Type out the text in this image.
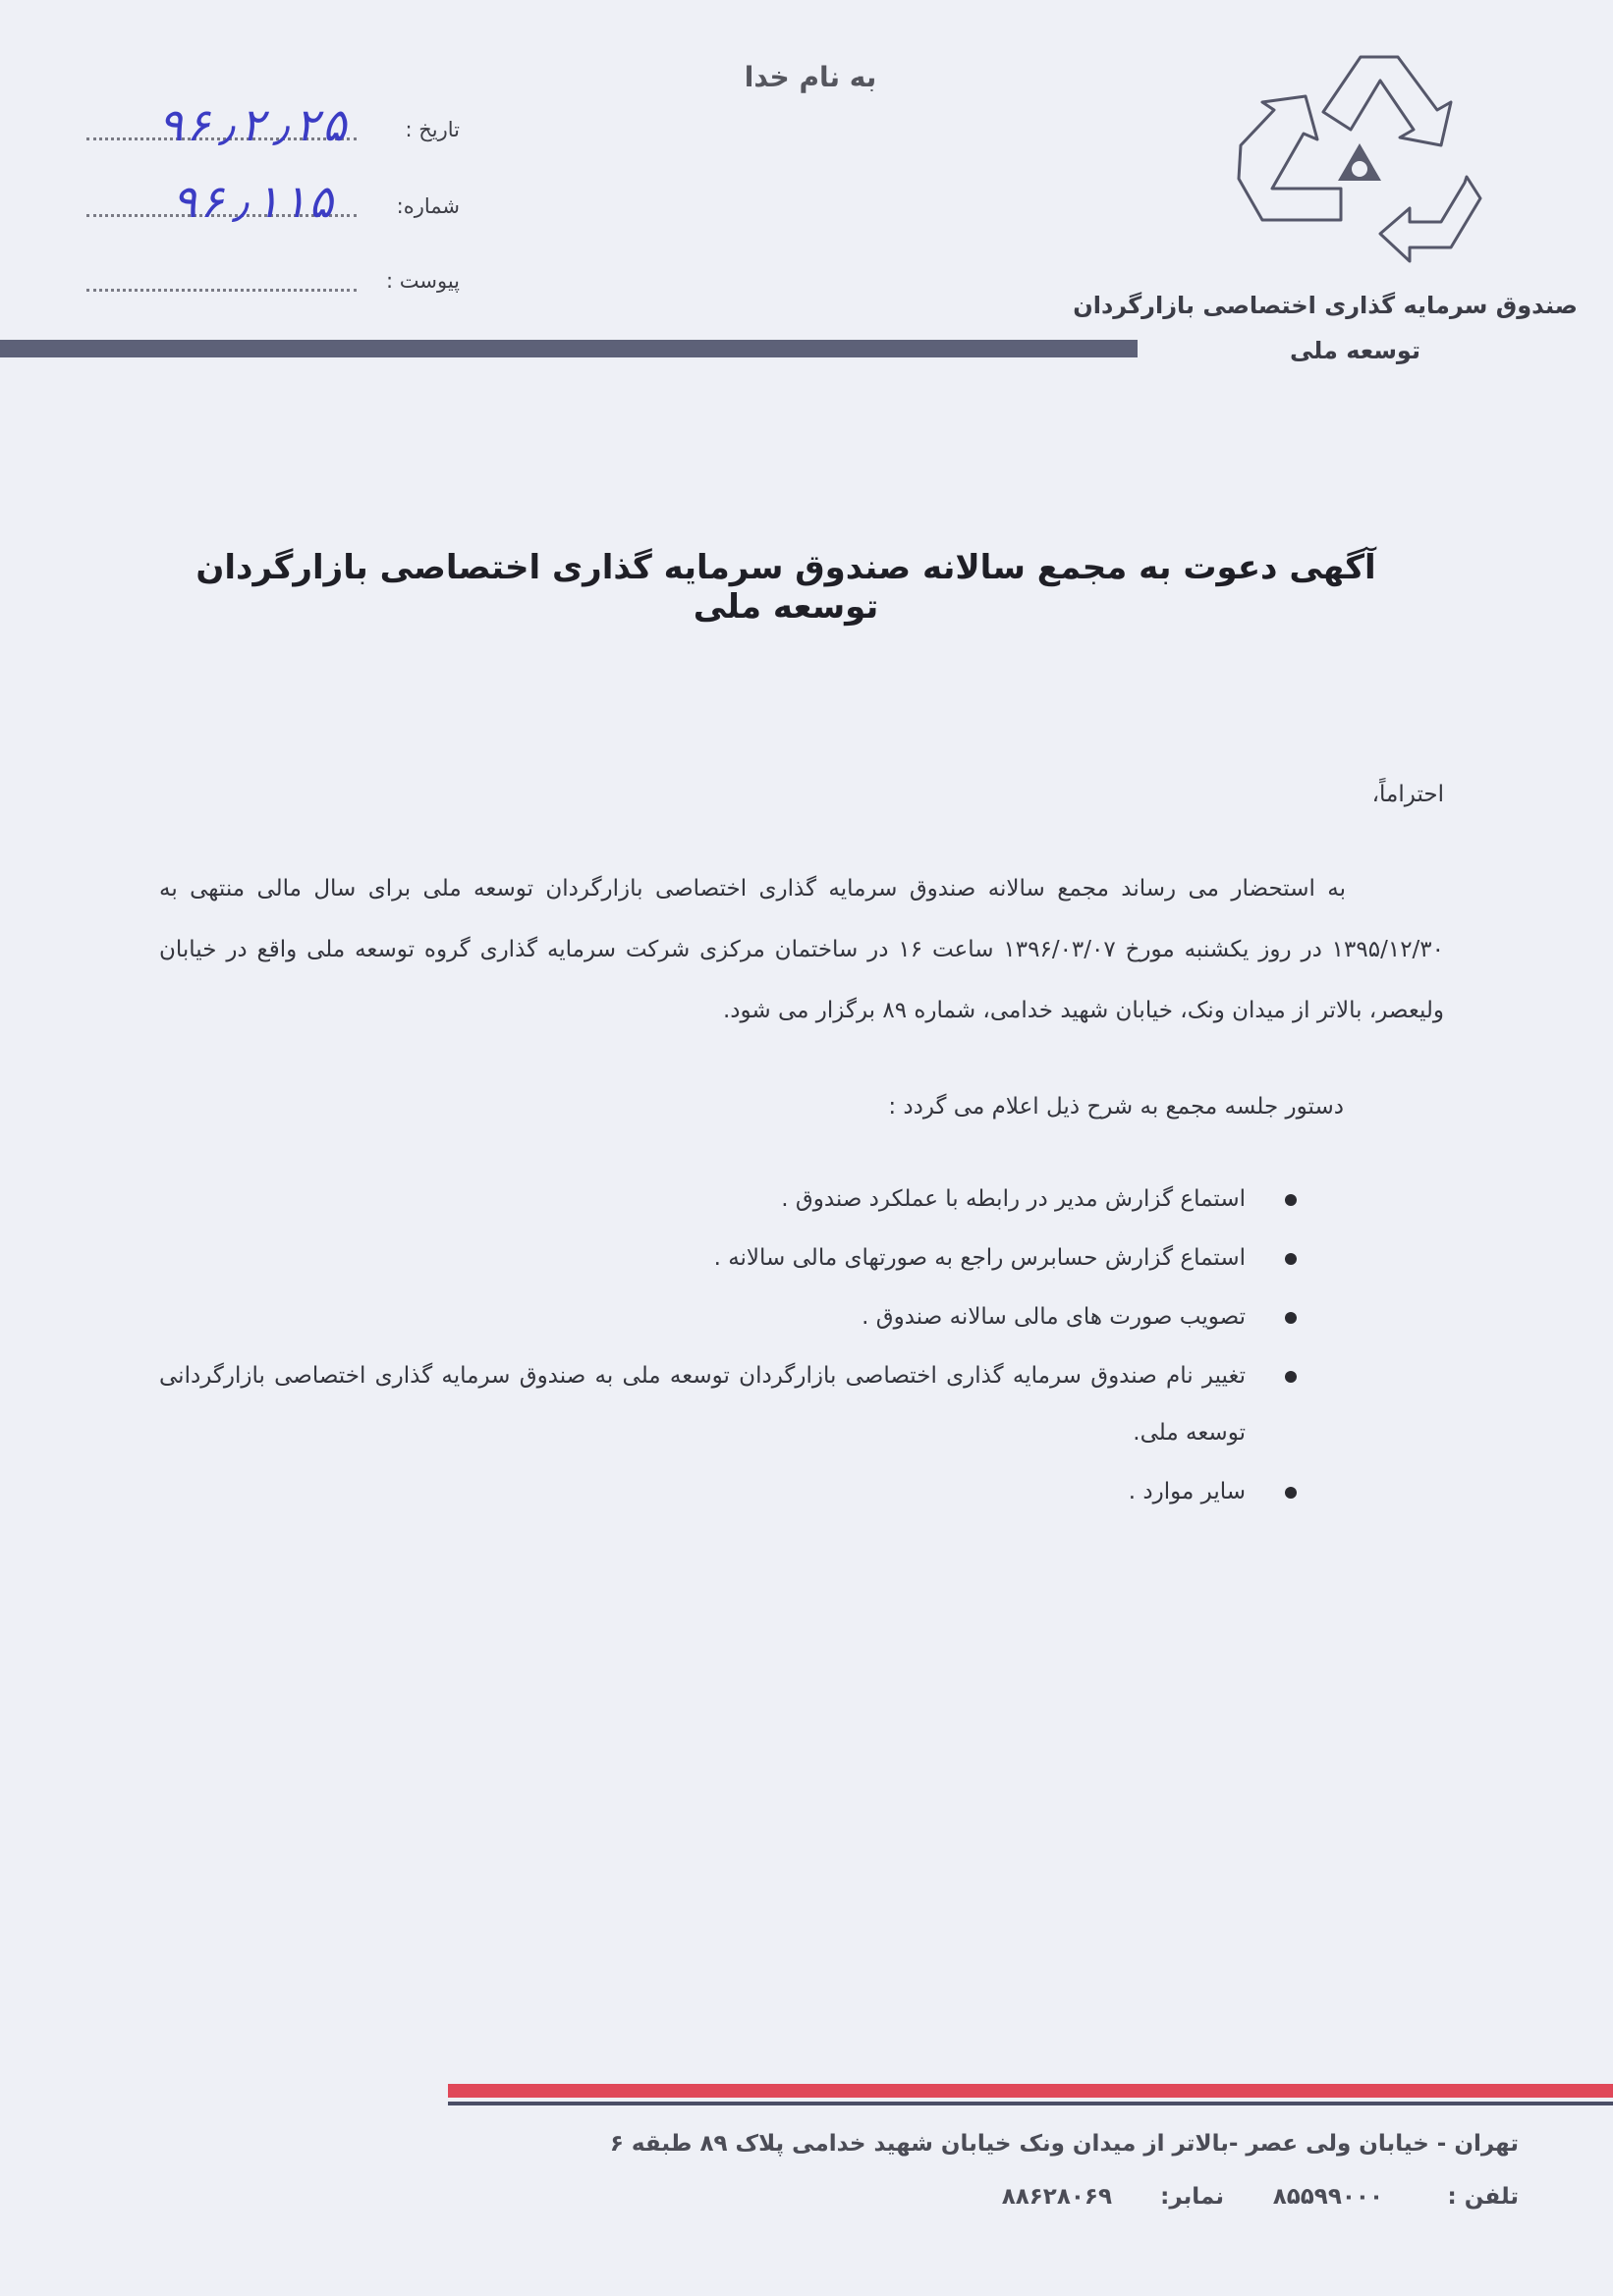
به نام خدا
صندوق سرمایه گذاری اختصاصی بازارگردان
توسعه ملی
تاریخ :
۹۶٫۲٫۲۵
شماره:
۹۶٫۱۱۵
پیوست :
آگهی دعوت به مجمع سالانه صندوق سرمایه گذاری اختصاصی بازارگردان توسعه ملی
احتراماً،
به استحضار می رساند مجمع سالانه صندوق سرمایه گذاری اختصاصی بازارگردان توسعه ملی برای سال مالی منتهی به ۱۳۹۵/۱۲/۳۰ در روز یکشنبه مورخ ۱۳۹۶/۰۳/۰۷ ساعت ۱۶ در ساختمان مرکزی شرکت سرمایه گذاری گروه توسعه ملی واقع در خیابان ولیعصر، بالاتر از میدان ونک، خیابان شهید خدامی، شماره ۸۹ برگزار می شود.
دستور جلسه مجمع به شرح ذیل اعلام می گردد :
استماع گزارش مدیر در رابطه با عملکرد صندوق .
استماع گزارش حسابرس راجع به صورتهای مالی سالانه .
تصویب صورت های مالی سالانه صندوق .
تغییر نام صندوق سرمایه گذاری اختصاصی بازارگردان توسعه ملی به صندوق سرمایه گذاری اختصاصی بازارگردانی توسعه ملی.
سایر موارد .
تهران - خیابان ولی عصر -بالاتر از میدان ونک خیابان شهید خدامی پلاک ۸۹ طبقه ۶
تلفن :
۸۵۵۹۹۰۰۰
نمابر:
۸۸۶۲۸۰۶۹
